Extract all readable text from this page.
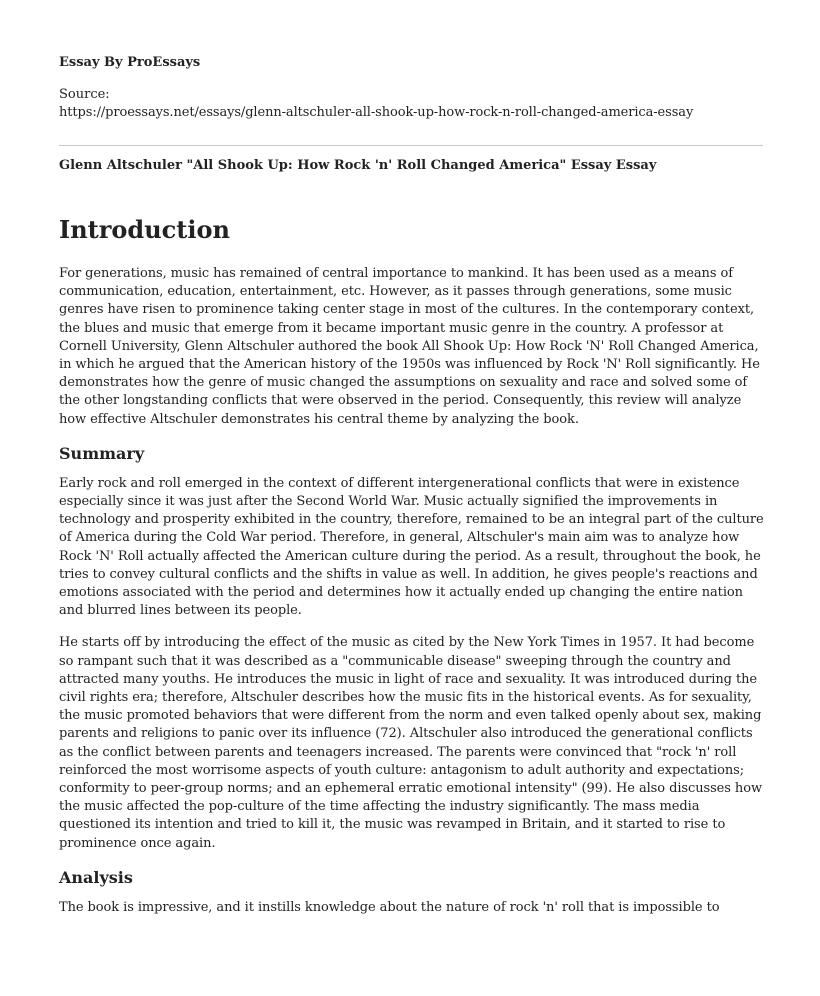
Essay By ProEssays
Source:
https://proessays.net/essays/glenn-altschuler-all-shook-up-how-rock-n-roll-changed-america-essay
Glenn Altschuler "All Shook Up: How Rock 'n' Roll Changed America" Essay Essay
Introduction

For generations, music has remained of central importance to mankind. It has been used as a means of communication, education, entertainment, etc. However, as it passes through generations, some music genres have risen to prominence taking center stage in most of the cultures. In the contemporary context, the blues and music that emerge from it became important music genre in the country. A professor at Cornell University, Glenn Altschuler authored the book All Shook Up: How Rock 'N' Roll Changed America, in which he argued that the American history of the 1950s was influenced by Rock 'N' Roll significantly. He demonstrates how the genre of music changed the assumptions on sexuality and race and solved some of the other longstanding conflicts that were observed in the period. Consequently, this review will analyze how effective Altschuler demonstrates his central theme by analyzing the book.

Summary

Early rock and roll emerged in the context of different intergenerational conflicts that were in existence especially since it was just after the Second World War. Music actually signified the improvements in technology and prosperity exhibited in the country, therefore, remained to be an integral part of the culture of America during the Cold War period. Therefore, in general, Altschuler's main aim was to analyze how Rock 'N' Roll actually affected the American culture during the period. As a result, throughout the book, he tries to convey cultural conflicts and the shifts in value as well. In addition, he gives people's reactions and emotions associated with the period and determines how it actually ended up changing the entire nation and blurred lines between its people.

He starts off by introducing the effect of the music as cited by the New York Times in 1957. It had become so rampant such that it was described as a "communicable disease" sweeping through the country and attracted many youths. He introduces the music in light of race and sexuality. It was introduced during the civil rights era; therefore, Altschuler describes how the music fits in the historical events. As for sexuality, the music promoted behaviors that were different from the norm and even talked openly about sex, making parents and religions to panic over its influence (72). Altschuler also introduced the generational conflicts as the conflict between parents and teenagers increased. The parents were convinced that "rock 'n' roll reinforced the most worrisome aspects of youth culture: antagonism to adult authority and expectations; conformity to peer-group norms; and an ephemeral erratic emotional intensity" (99). He also discusses how the music affected the pop-culture of the time affecting the industry significantly. The mass media questioned its intention and tried to kill it, the music was revamped in Britain, and it started to rise to prominence once again.

Analysis

The book is impressive, and it instills knowledge about the nature of rock 'n' roll that is impossible to
